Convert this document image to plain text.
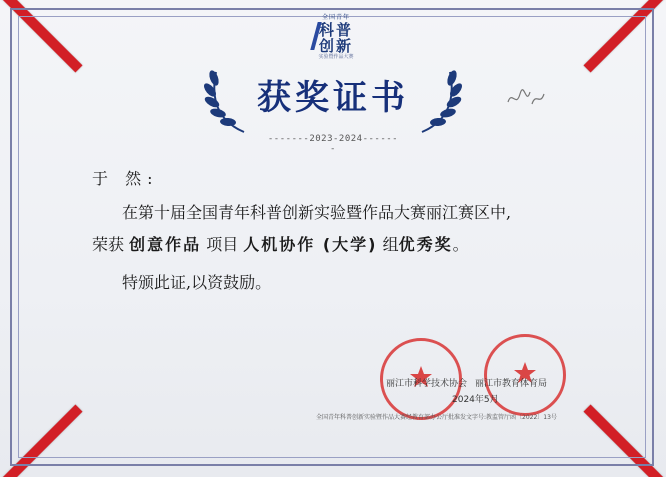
全国青年
科普
创新
实验暨作品大赛
获奖证书
-------2023-2024-------
于 然:
在第十届全国青年科普创新实验暨作品大赛丽江赛区中,
荣获 创意作品 项目 人机协作 (大学) 组优秀奖。
特颁此证,以资鼓励。
丽江市科学技术协会 丽江市教育体育局
2024年5月
全国青年科普创新实验暨作品大赛经教育部办公厅批准发文字号:教监管厅函〔2022〕13号
